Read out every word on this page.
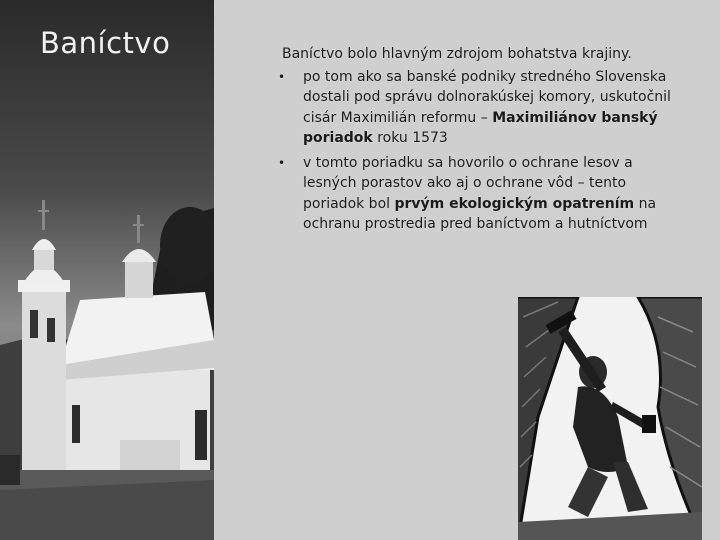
Baníctvo	Baníctvo bolo hlavným zdrojom bohatstva krajiny.

• po tom ako sa banské podniky stredného Slovenska dostali pod správu dolnorakúskej komory, uskutočnil cisár Maximilián reformu – Maximiliánov banský poriadok roku 1573
• v tomto poriadku sa hovorilo o ochrane lesov a lesných porastov ako aj o ochrane vôd – tento poriadok bol prvým ekologickým opatrením na ochranu prostredia pred baníctvom a hutníctvom
